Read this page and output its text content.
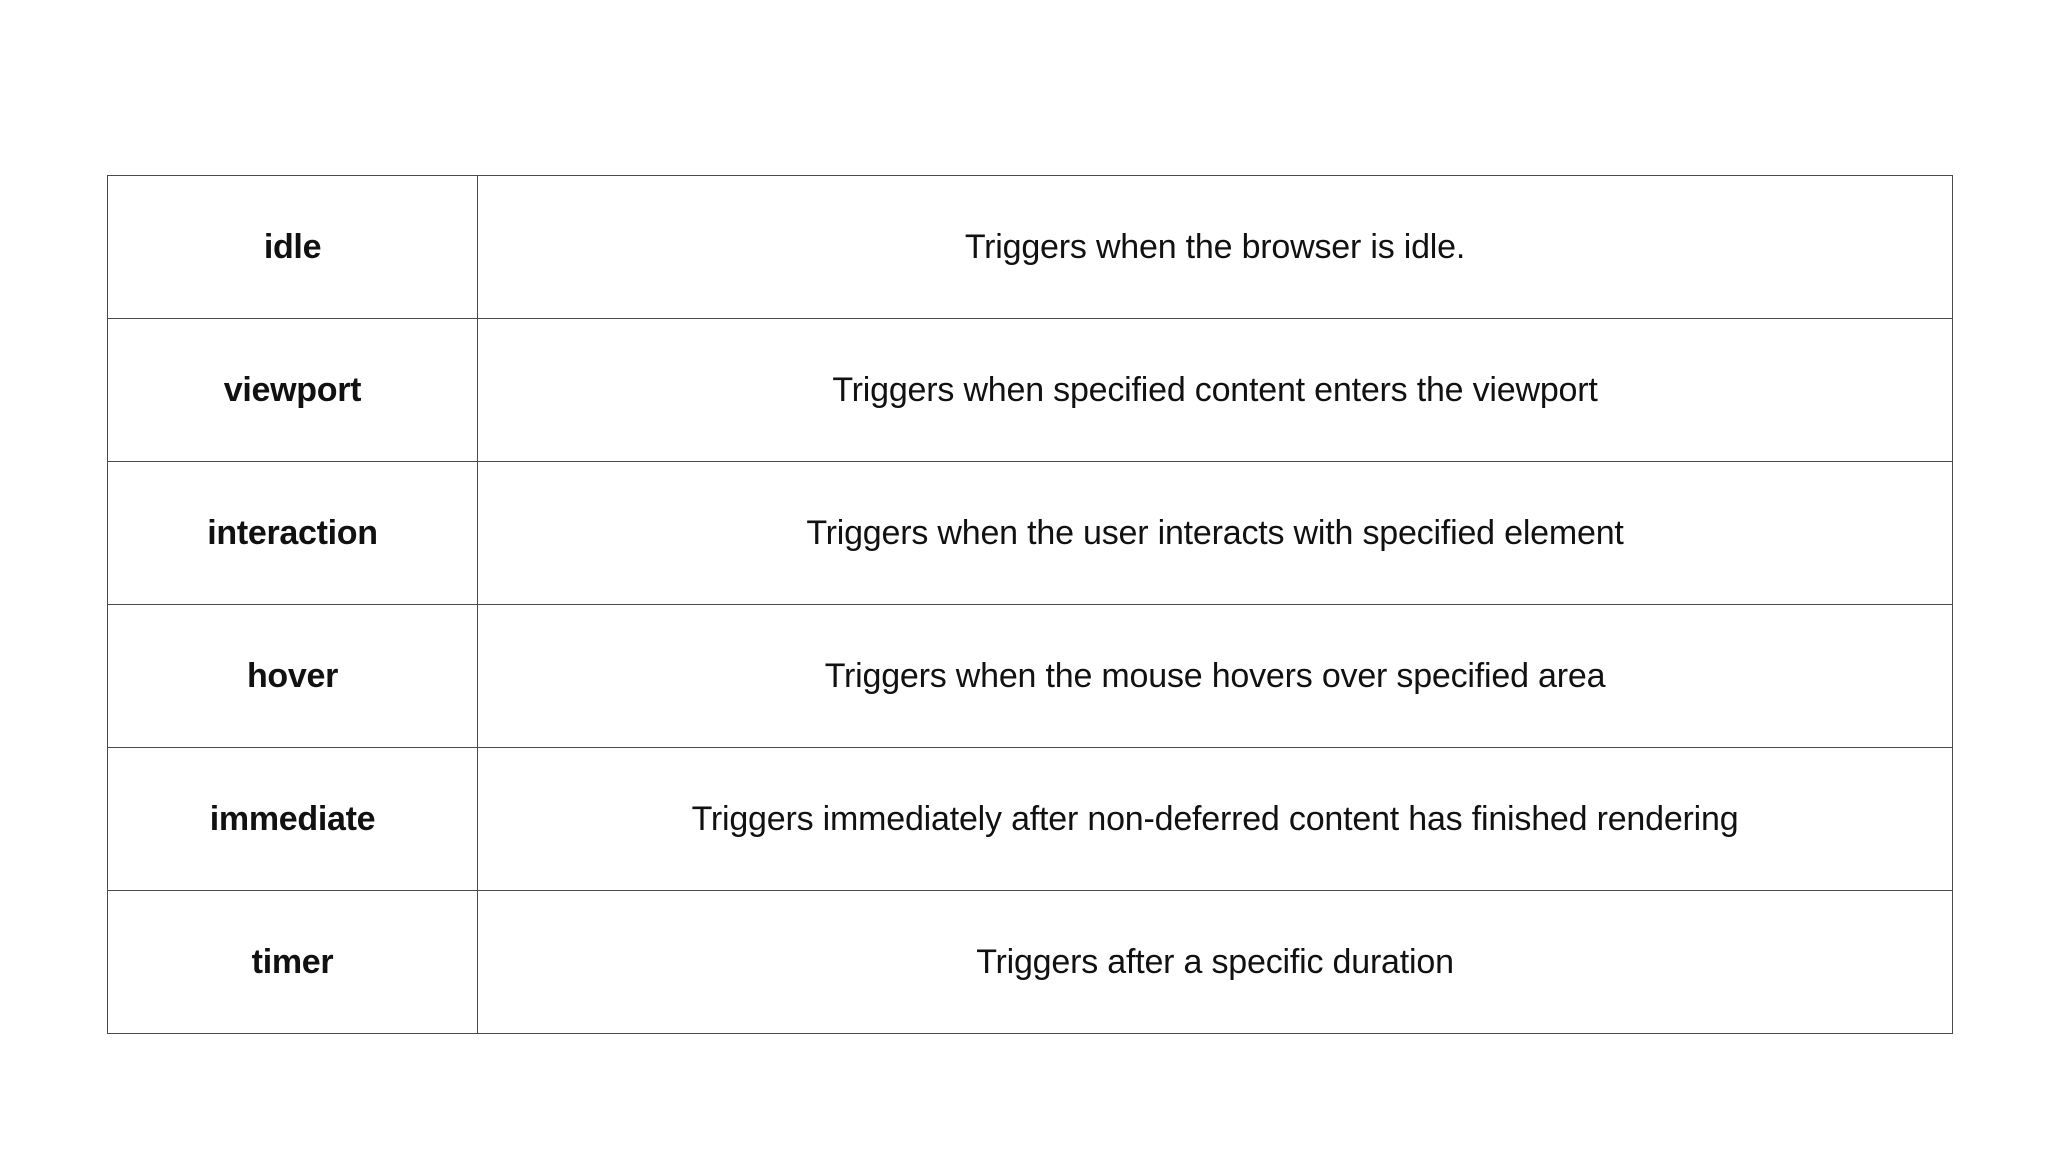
idle	Triggers when the browser is idle.
viewport	Triggers when specified content enters the viewport
interaction	Triggers when the user interacts with specified element
hover	Triggers when the mouse hovers over specified area
immediate	Triggers immediately after non-deferred content has finished rendering
timer	Triggers after a specific duration
